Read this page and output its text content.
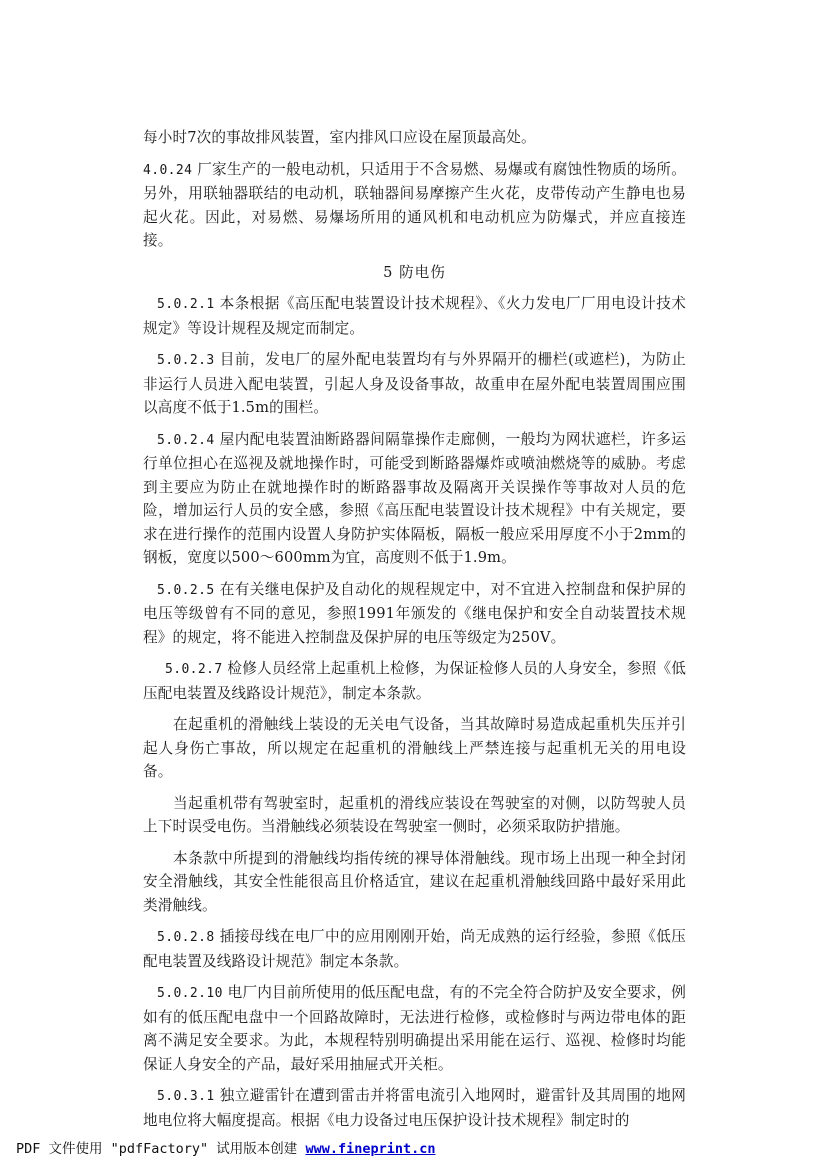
每小时7次的事故排风装置，室内排风口应设在屋顶最高处。

4.0.24 厂家生产的一般电动机，只适用于不含易燃、易爆或有腐蚀性物质的场所。另外，用联轴器联结的电动机，联轴器间易摩擦产生火花，皮带传动产生静电也易起火花。因此，对易燃、易爆场所用的通风机和电动机应为防爆式，并应直接连接。

5 防电伤

5.0.2.1 本条根据《高压配电装置设计技术规程》、《火力发电厂厂用电设计技术规定》等设计规程及规定而制定。

5.0.2.3 目前，发电厂的屋外配电装置均有与外界隔开的栅栏(或遮栏)，为防止非运行人员进入配电装置，引起人身及设备事故，故重申在屋外配电装置周围应围以高度不低于1.5m的围栏。

5.0.2.4 屋内配电装置油断路器间隔靠操作走廊侧，一般均为网状遮栏，许多运行单位担心在巡视及就地操作时，可能受到断路器爆炸或喷油燃烧等的威胁。考虑到主要应为防止在就地操作时的断路器事故及隔离开关误操作等事故对人员的危险，增加运行人员的安全感，参照《高压配电装置设计技术规程》中有关规定，要求在进行操作的范围内设置人身防护实体隔板，隔板一般应采用厚度不小于2mm的钢板，宽度以500～600mm为宜，高度则不低于1.9m。

5.0.2.5 在有关继电保护及自动化的规程规定中，对不宜进入控制盘和保护屏的电压等级曾有不同的意见，参照1991年颁发的《继电保护和安全自动装置技术规程》的规定，将不能进入控制盘及保护屏的电压等级定为250V。

5.0.2.7 检修人员经常上起重机上检修，为保证检修人员的人身安全，参照《低压配电装置及线路设计规范》，制定本条款。

在起重机的滑触线上装设的无关电气设备，当其故障时易造成起重机失压并引起人身伤亡事故，所以规定在起重机的滑触线上严禁连接与起重机无关的用电设备。

当起重机带有驾驶室时，起重机的滑线应装设在驾驶室的对侧，以防驾驶人员上下时误受电伤。当滑触线必须装设在驾驶室一侧时，必须采取防护措施。

本条款中所提到的滑触线均指传统的裸导体滑触线。现市场上出现一种全封闭安全滑触线，其安全性能很高且价格适宜，建议在起重机滑触线回路中最好采用此类滑触线。

5.0.2.8 插接母线在电厂中的应用刚刚开始，尚无成熟的运行经验，参照《低压配电装置及线路设计规范》制定本条款。

5.0.2.10 电厂内目前所使用的低压配电盘，有的不完全符合防护及安全要求，例如有的低压配电盘中一个回路故障时，无法进行检修，或检修时与两边带电体的距离不满足安全要求。为此，本规程特别明确提出采用能在运行、巡视、检修时均能保证人身安全的产品，最好采用抽屉式开关柜。

5.0.3.1 独立避雷针在遭到雷击并将雷电流引入地网时，避雷针及其周围的地网地电位将大幅度提高。根据《电力设备过电压保护设计技术规程》制定时的

PDF 文件使用 "pdfFactory" 试用版本创建 www.fineprint.cn
